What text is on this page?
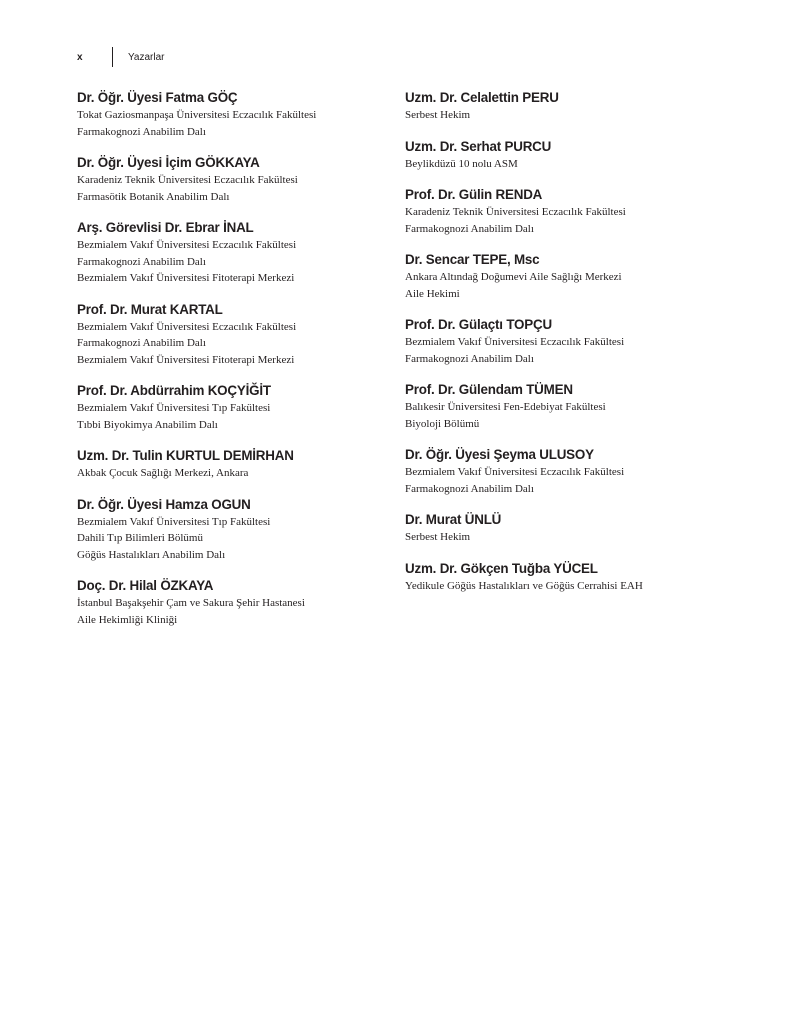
x	Yazarlar
Dr. Öğr. Üyesi Fatma GÖÇ
Tokat Gaziosmanpaşa Üniversitesi Eczacılık Fakültesi
Farmakognozi Anabilim Dalı
Dr. Öğr. Üyesi İçim GÖKKAYA
Karadeniz Teknik Üniversitesi Eczacılık Fakültesi
Farmasötik Botanik Anabilim Dalı
Arş. Görevlisi Dr. Ebrar İNAL
Bezmialem Vakıf Üniversitesi Eczacılık Fakültesi
Farmakognozi Anabilim Dalı
Bezmialem Vakıf Üniversitesi Fitoterapi Merkezi
Prof. Dr. Murat KARTAL
Bezmialem Vakıf Üniversitesi Eczacılık Fakültesi
Farmakognozi Anabilim Dalı
Bezmialem Vakıf Üniversitesi Fitoterapi Merkezi
Prof. Dr. Abdürrahim KOÇYİĞİT
Bezmialem Vakıf Üniversitesi Tıp Fakültesi
Tıbbi Biyokimya Anabilim Dalı
Uzm. Dr. Tulin KURTUL DEMİRHAN
Akbak Çocuk Sağlığı Merkezi, Ankara
Dr. Öğr. Üyesi Hamza OGUN
Bezmialem Vakıf Üniversitesi Tıp Fakültesi
Dahili Tıp Bilimleri Bölümü
Göğüs Hastalıkları Anabilim Dalı
Doç. Dr. Hilal ÖZKAYA
İstanbul Başakşehir Çam ve Sakura Şehir Hastanesi
Aile Hekimliği Kliniği
Uzm. Dr. Celalettin PERU
Serbest Hekim
Uzm. Dr. Serhat PURCU
Beylikdüzü 10 nolu ASM
Prof. Dr. Gülin RENDA
Karadeniz Teknik Üniversitesi Eczacılık Fakültesi
Farmakognozi Anabilim Dalı
Dr. Sencar TEPE, Msc
Ankara Altındağ Doğumevi Aile Sağlığı Merkezi
Aile Hekimi
Prof. Dr. Gülaçtı TOPÇU
Bezmialem Vakıf Üniversitesi Eczacılık Fakültesi
Farmakognozi Anabilim Dalı
Prof. Dr. Gülendam TÜMEN
Balıkesir Üniversitesi Fen-Edebiyat Fakültesi
Biyoloji Bölümü
Dr. Öğr. Üyesi Şeyma ULUSOY
Bezmialem Vakıf Üniversitesi Eczacılık Fakültesi
Farmakognozi Anabilim Dalı
Dr. Murat ÜNLÜ
Serbest Hekim
Uzm. Dr. Gökçen Tuğba YÜCEL
Yedikule Göğüs Hastalıkları ve Göğüs Cerrahisi EAH
